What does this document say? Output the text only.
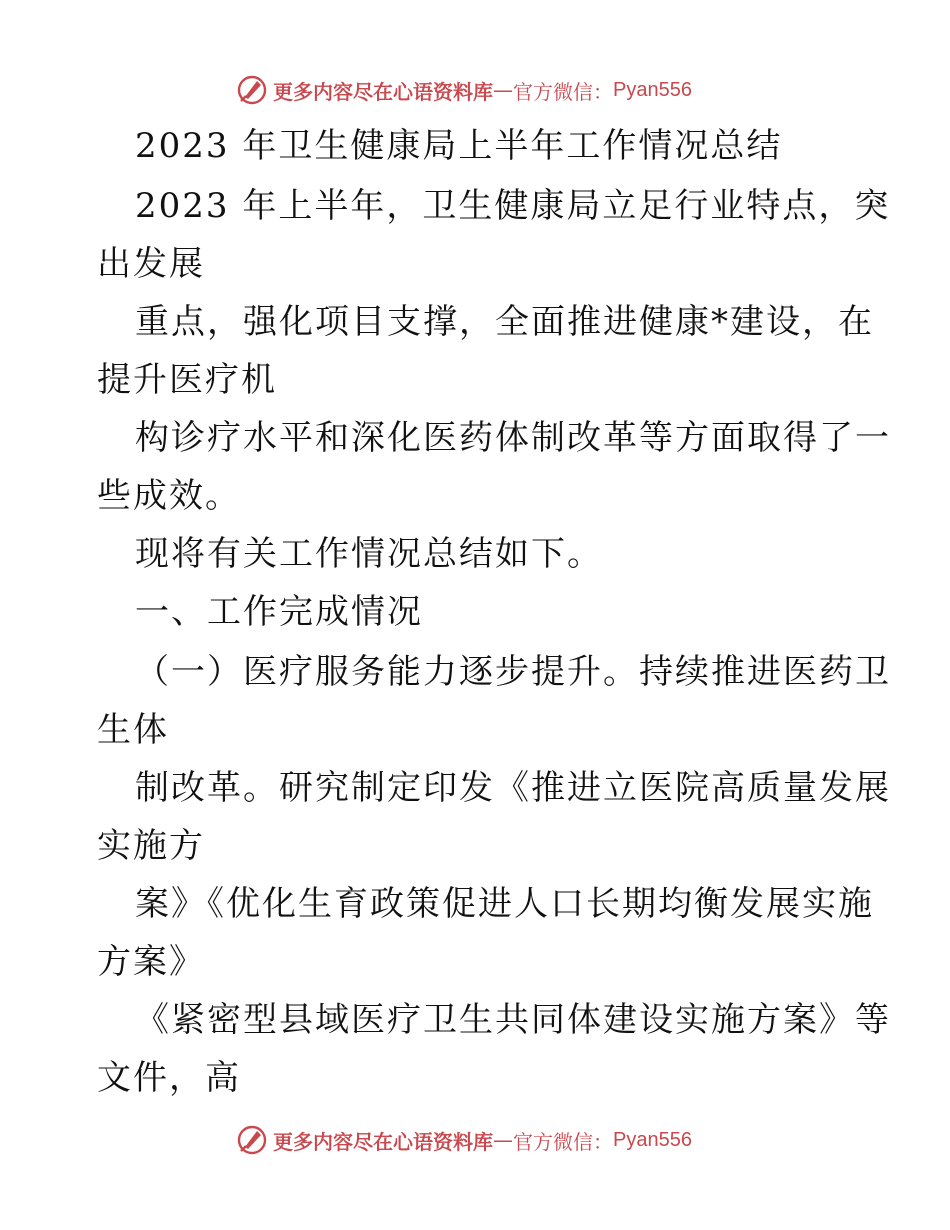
更多内容尽在心语资料库 — 官方微信： Pyan556
2023 年卫生健康局上半年工作情况总结
2023 年上半年，卫生健康局立足行业特点，突
出发展
重点，强化项目支撑，全面推进健康*建设，在
提升医疗机
构诊疗水平和深化医药体制改革等方面取得了一
些成效。
现将有关工作情况总结如下。
一、工作完成情况
（一）医疗服务能力逐步提升。持续推进医药卫
生体
制改革。研究制定印发《推进立医院高质量发展
实施方
案》《优化生育政策促进人口长期均衡发展实施
方案》
《紧密型县域医疗卫生共同体建设实施方案》等
文件，高
更多内容尽在心语资料库 — 官方微信： Pyan556
